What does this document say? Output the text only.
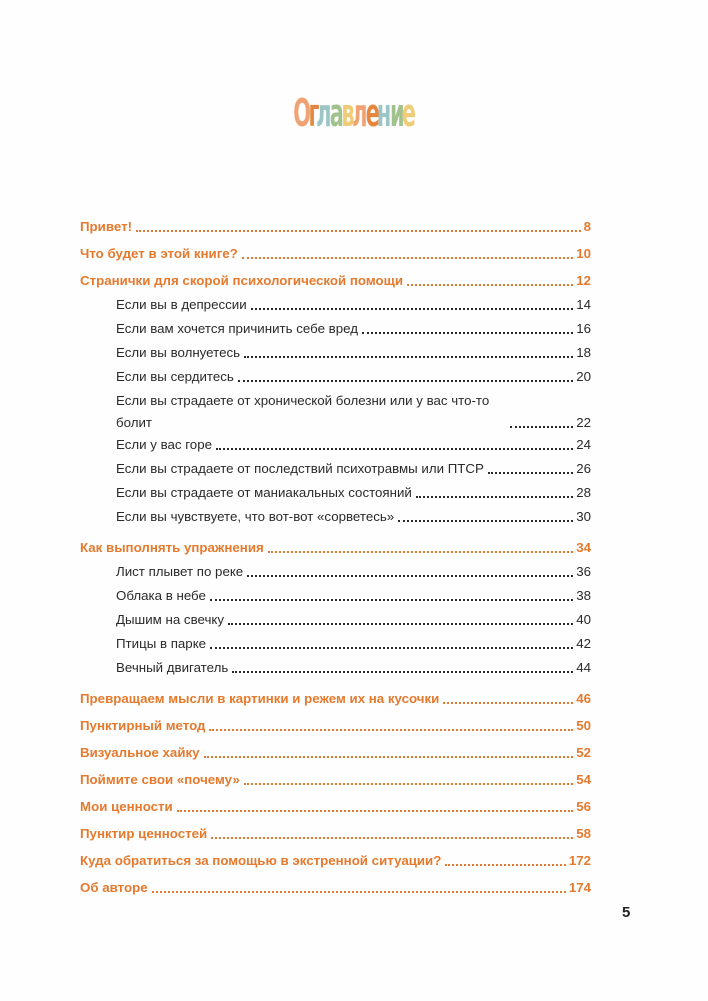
Оглавление
Привет!	8
Что будет в этой книге?	10
Странички для скорой психологической помощи	12
Если вы в депрессии	14
Если вам хочется причинить себе вред	16
Если вы волнуетесь	18
Если вы сердитесь	20
Если вы страдаете от хронической болезни или у вас что-то болит	22
Если у вас горе	24
Если вы страдаете от последствий психотравмы или ПТСР	26
Если вы страдаете от маниакальных состояний	28
Если вы чувствуете, что вот-вот «сорветесь»	30
Как выполнять упражнения	34
Лист плывет по реке	36
Облака в небе	38
Дышим на свечку	40
Птицы в парке	42
Вечный двигатель	44
Превращаем мысли в картинки и режем их на кусочки	46
Пунктирный метод	50
Визуальное хайку	52
Поймите свои «почему»	54
Мои ценности	56
Пунктир ценностей	58
Куда обратиться за помощью в экстренной ситуации?	172
Об авторе	174
5
